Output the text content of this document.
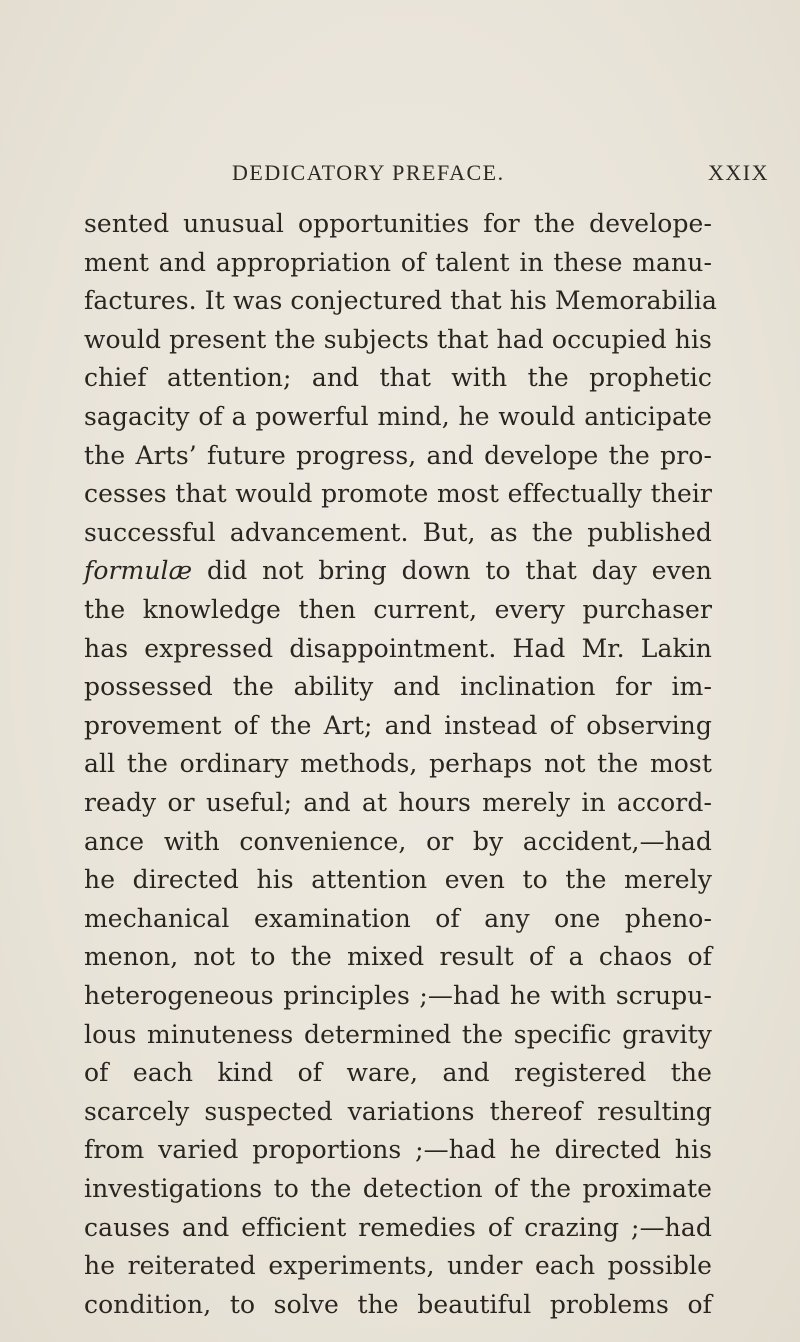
DEDICATORY PREFACE.	XXIX
sented unusual opportunities for the develope-
ment and appropriation of talent in these manu-
factures. It was conjectured that his Memorabilia
would present the subjects that had occupied his
chief attention; and that with the prophetic
sagacity of a powerful mind, he would anticipate
the Arts’ future progress, and develope the pro-
cesses that would promote most effectually their
successful advancement. But, as the published
formulæ did not bring down to that day even
the knowledge then current, every purchaser
has expressed disappointment. Had Mr. Lakin
possessed the ability and inclination for im-
provement of the Art; and instead of observing
all the ordinary methods, perhaps not the most
ready or useful; and at hours merely in accord-
ance with convenience, or by accident,—had
he directed his attention even to the merely
mechanical examination of any one pheno-
menon, not to the mixed result of a chaos of
heterogeneous principles ;—had he with scrupu-
lous minuteness determined the specific gravity
of each kind of ware, and registered the
scarcely suspected variations thereof resulting
from varied proportions ;—had he directed his
investigations to the detection of the proximate
causes and efficient remedies of crazing ;—had
he reiterated experiments, under each possible
condition, to solve the beautiful problems of
